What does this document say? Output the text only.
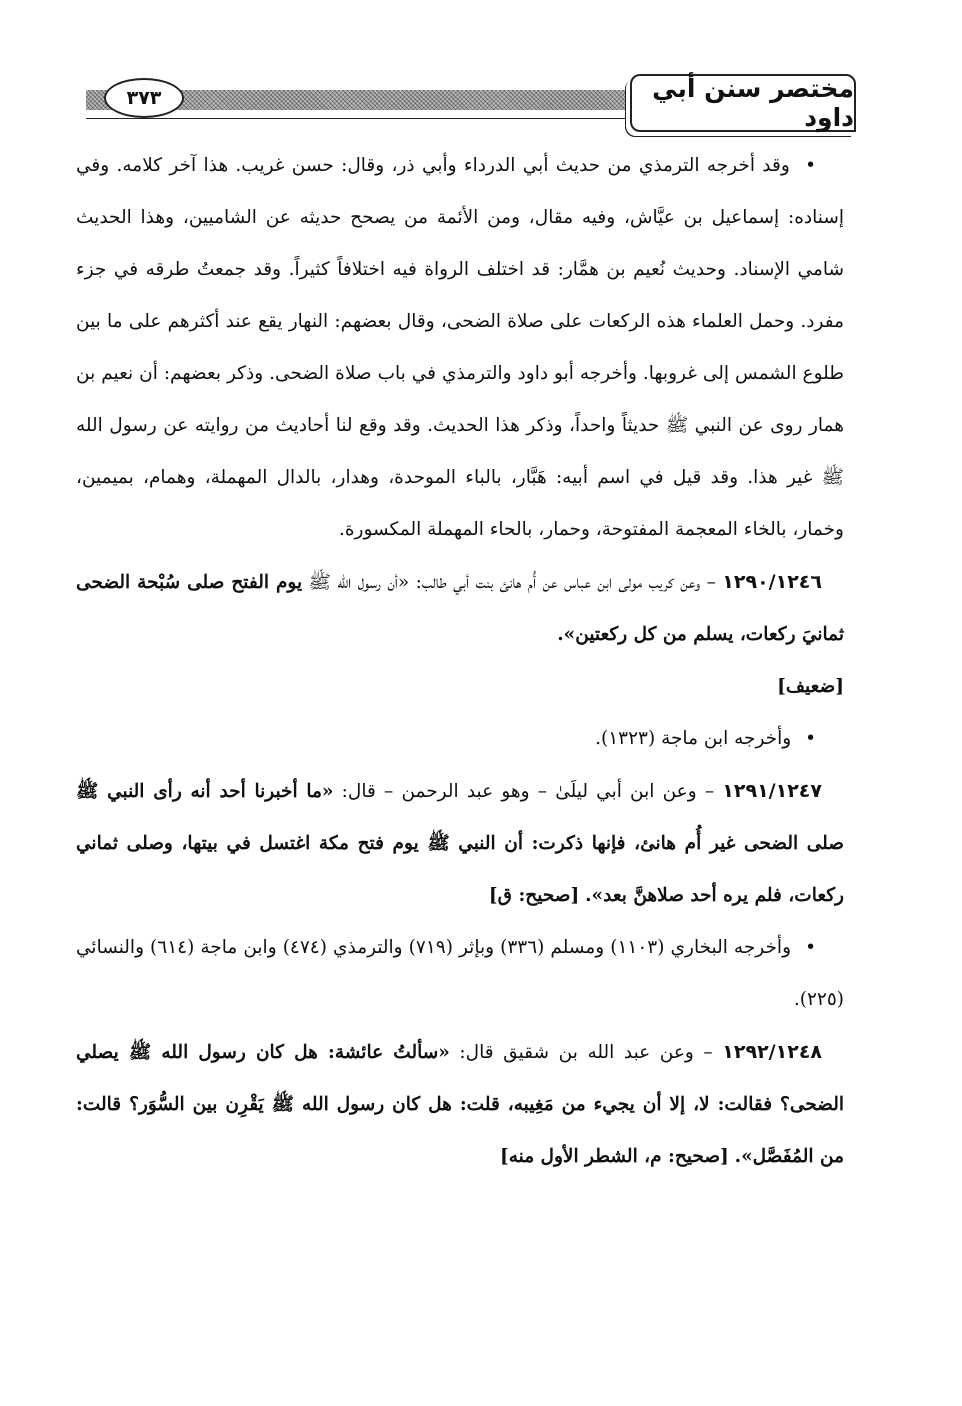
٣٧٣	مختصر سنن أبي داود

• وقد أخرجه الترمذي من حديث أبي الدرداء وأبي ذر، وقال: حسن غريب. هذا آخر كلامه. وفي إسناده: إسماعيل بن عيَّاش، وفيه مقال، ومن الأئمة من يصحح حديثه عن الشاميين، وهذا الحديث شامي الإسناد. وحديث نُعيم بن همَّار: قد اختلف الرواة فيه اختلافاً كثيراً. وقد جمعتُ طرقه في جزء مفرد. وحمل العلماء هذه الركعات على صلاة الضحى، وقال بعضهم: النهار يقع عند أكثرهم على ما بين طلوع الشمس إلى غروبها. وأخرجه أبو داود والترمذي في باب صلاة الضحى. وذكر بعضهم: أن نعيم بن همار روى عن النبي ﷺ حديثاً واحداً، وذكر هذا الحديث. وقد وقع لنا أحاديث من روايته عن رسول الله ﷺ غير هذا. وقد قيل في اسم أبيه: هَبَّار، بالباء الموحدة، وهدار، بالدال المهملة، وهمام، بميمين، وخمار، بالخاء المعجمة المفتوحة، وحمار، بالحاء المهملة المكسورة.

١٢٩٠/١٢٤٦ – وعن كريب مولى ابن عباس عن أُم هانئ بنت أبي طالب: «أن رسول الله ﷺ يوم الفتح صلى سُبْحة الضحى ثمانيَ ركعات، يسلم من كل ركعتين».

[ضعيف]

• وأخرجه ابن ماجة (١٣٢٣).

١٢٩١/١٢٤٧ – وعن ابن أبي ليلَىٰ – وهو عبد الرحمن – قال: «ما أخبرنا أحد أنه رأى النبي ﷺ صلى الضحى غير أُم هانئ، فإنها ذكرت: أن النبي ﷺ يوم فتح مكة اغتسل في بيتها، وصلى ثماني ركعات، فلم يره أحد صلاهنَّ بعد». [صحيح: ق]

• وأخرجه البخاري (١١٠٣) ومسلم (٣٣٦) وبإثر (٧١٩) والترمذي (٤٧٤) وابن ماجة (٦١٤) والنسائي (٢٢٥).

١٢٩٢/١٢٤٨ – وعن عبد الله بن شقيق قال: «سألتُ عائشة: هل كان رسول الله ﷺ يصلي الضحى؟ فقالت: لا، إلا أن يجيء من مَغِيبه، قلت: هل كان رسول الله ﷺ يَقْرِن بين السُّوَر؟ قالت: من المُفَصَّل». [صحيح: م، الشطر الأول منه]
